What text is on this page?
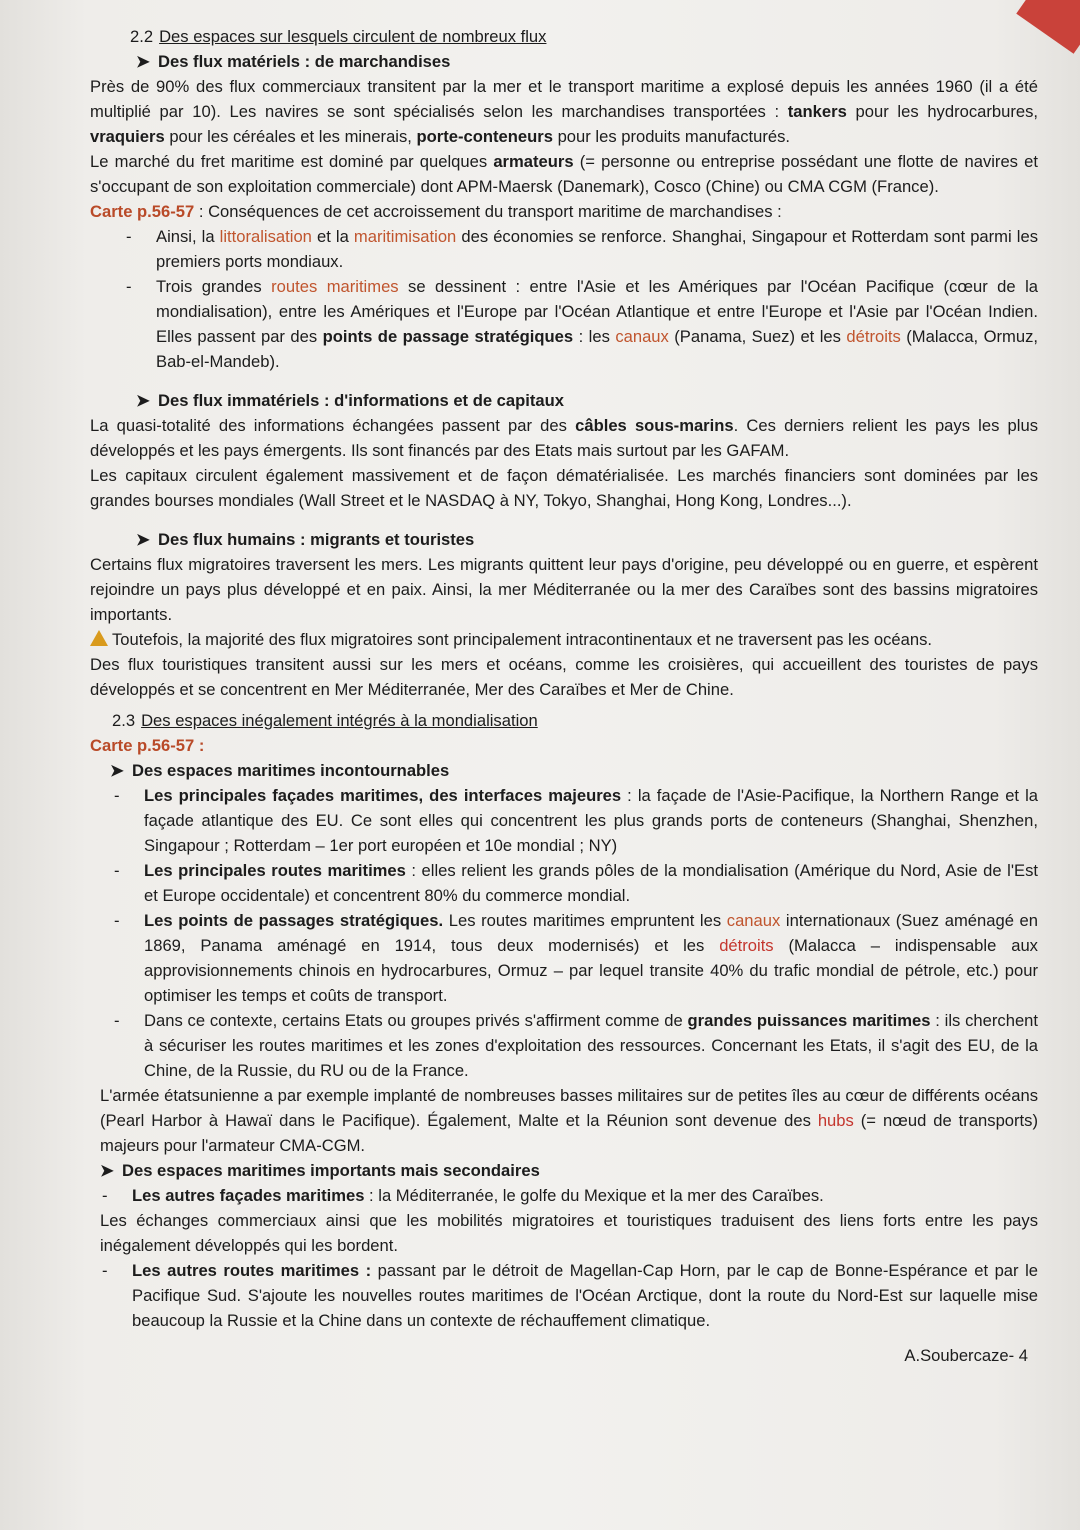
2.2 Des espaces sur lesquels circulent de nombreux flux

➤ Des flux matériels : de marchandises

Près de 90% des flux commerciaux transitent par la mer et le transport maritime a explosé depuis les années 1960 (il a été multiplié par 10). Les navires se sont spécialisés selon les marchandises transportées : tankers pour les hydrocarbures, vraquiers pour les céréales et les minerais, porte-conteneurs pour les produits manufacturés.

Le marché du fret maritime est dominé par quelques armateurs (= personne ou entreprise possédant une flotte de navires et s'occupant de son exploitation commerciale) dont APM-Maersk (Danemark), Cosco (Chine) ou CMA CGM (France).

Carte p.56-57 : Conséquences de cet accroissement du transport maritime de marchandises :

- Ainsi, la littoralisation et la maritimisation des économies se renforce. Shanghai, Singapour et Rotterdam sont parmi les premiers ports mondiaux.
- Trois grandes routes maritimes se dessinent : entre l'Asie et les Amériques par l'Océan Pacifique (cœur de la mondialisation), entre les Amériques et l'Europe par l'Océan Atlantique et entre l'Europe et l'Asie par l'Océan Indien. Elles passent par des points de passage stratégiques : les canaux (Panama, Suez) et les détroits (Malacca, Ormuz, Bab-el-Mandeb).

➤ Des flux immatériels : d'informations et de capitaux

La quasi-totalité des informations échangées passent par des câbles sous-marins. Ces derniers relient les pays les plus développés et les pays émergents. Ils sont financés par des Etats mais surtout par les GAFAM.

Les capitaux circulent également massivement et de façon dématérialisée. Les marchés financiers sont dominées par les grandes bourses mondiales (Wall Street et le NASDAQ à NY, Tokyo, Shanghai, Hong Kong, Londres...).

➤ Des flux humains : migrants et touristes

Certains flux migratoires traversent les mers. Les migrants quittent leur pays d'origine, peu développé ou en guerre, et espèrent rejoindre un pays plus développé et en paix. Ainsi, la mer Méditerranée ou la mer des Caraïbes sont des bassins migratoires importants.

Toutefois, la majorité des flux migratoires sont principalement intracontinentaux et ne traversent pas les océans.

Des flux touristiques transitent aussi sur les mers et océans, comme les croisières, qui accueillent des touristes de pays développés et se concentrent en Mer Méditerranée, Mer des Caraïbes et Mer de Chine.

2.3 Des espaces inégalement intégrés à la mondialisation

Carte p.56-57 :

➤ Des espaces maritimes incontournables

- Les principales façades maritimes, des interfaces majeures : la façade de l'Asie-Pacifique, la Northern Range et la façade atlantique des EU. Ce sont elles qui concentrent les plus grands ports de conteneurs (Shanghai, Shenzhen, Singapour ; Rotterdam – 1er port européen et 10e mondial ; NY)
- Les principales routes maritimes : elles relient les grands pôles de la mondialisation (Amérique du Nord, Asie de l'Est et Europe occidentale) et concentrent 80% du commerce mondial.
- Les points de passages stratégiques. Les routes maritimes empruntent les canaux internationaux (Suez aménagé en 1869, Panama aménagé en 1914, tous deux modernisés) et les détroits (Malacca – indispensable aux approvisionnements chinois en hydrocarbures, Ormuz – par lequel transite 40% du trafic mondial de pétrole, etc.) pour optimiser les temps et coûts de transport.
- Dans ce contexte, certains Etats ou groupes privés s'affirment comme de grandes puissances maritimes : ils cherchent à sécuriser les routes maritimes et les zones d'exploitation des ressources. Concernant les Etats, il s'agit des EU, de la Chine, de la Russie, du RU ou de la France.

L'armée étatsunienne a par exemple implanté de nombreuses basses militaires sur de petites îles au cœur de différents océans (Pearl Harbor à Hawaï dans le Pacifique). Également, Malte et la Réunion sont devenue des hubs (= nœud de transports) majeurs pour l'armateur CMA-CGM.

➤ Des espaces maritimes importants mais secondaires

- Les autres façades maritimes : la Méditerranée, le golfe du Mexique et la mer des Caraïbes.

Les échanges commerciaux ainsi que les mobilités migratoires et touristiques traduisent des liens forts entre les pays inégalement développés qui les bordent.

- Les autres routes maritimes : passant par le détroit de Magellan-Cap Horn, par le cap de Bonne-Espérance et par le Pacifique Sud. S'ajoute les nouvelles routes maritimes de l'Océan Arctique, dont la route du Nord-Est sur laquelle mise beaucoup la Russie et la Chine dans un contexte de réchauffement climatique.

A.Soubercaze- 4
